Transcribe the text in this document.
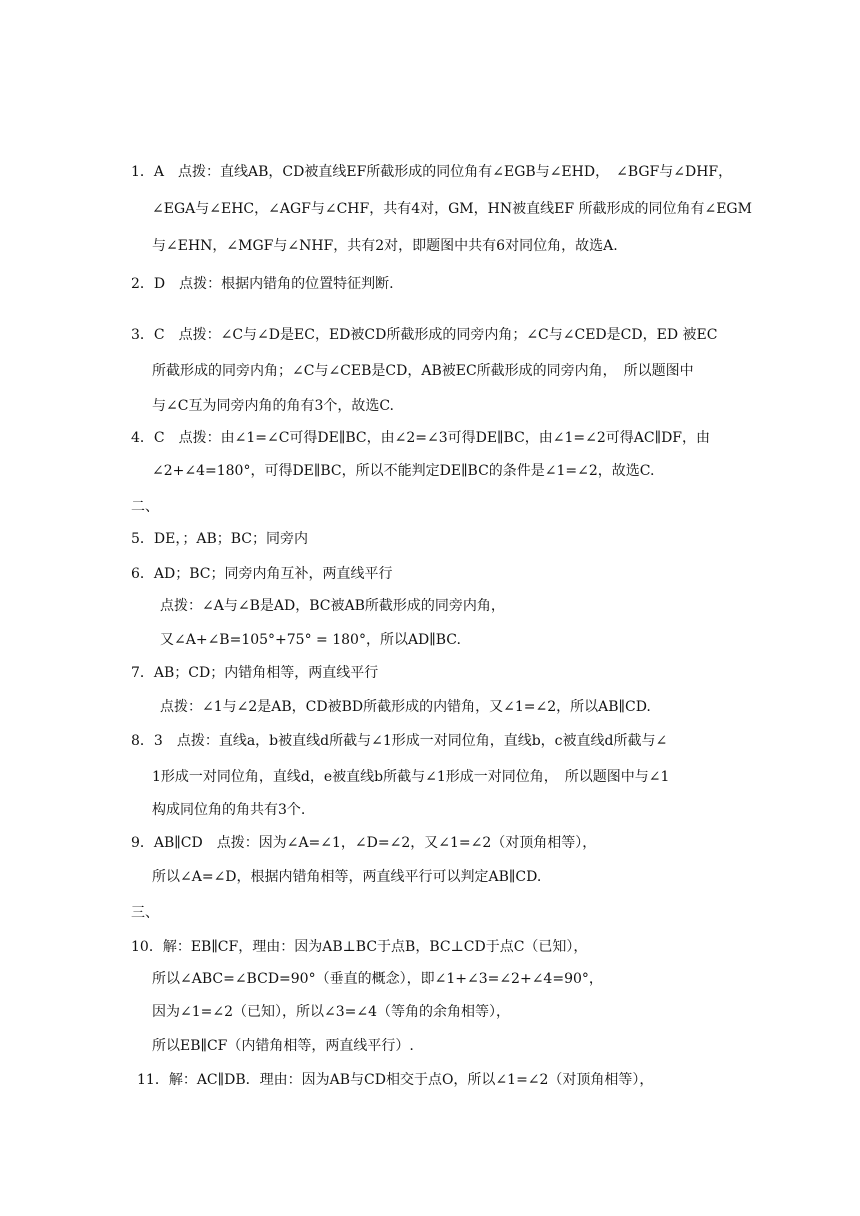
1．A　点拨：直线AB，CD被直线EF所截形成的同位角有∠EGB与∠EHD，　∠BGF与∠DHF，
∠EGA与∠EHC，∠AGF与∠CHF，共有4对，GM，HN被直线EF 所截形成的同位角有∠EGM
与∠EHN，∠MGF与∠NHF，共有2对，即题图中共有6对同位角，故选A.
2．D　点拨：根据内错角的位置特征判断.
3．C　点拨：∠C与∠D是EC，ED被CD所截形成的同旁内角；∠C与∠CED是CD，ED 被EC
所截形成的同旁内角；∠C与∠CEB是CD，AB被EC所截形成的同旁内角，　所以题图中
与∠C互为同旁内角的角有3个，故选C.
4．C　点拨：由∠1=∠C可得DE∥BC，由∠2=∠3可得DE∥BC，由∠1=∠2可得AC∥DF，由
∠2+∠4=180°，可得DE∥BC，所以不能判定DE∥BC的条件是∠1=∠2，故选C.
二、
5．DE，；AB；BC；同旁内
6．AD；BC；同旁内角互补，两直线平行
点拨：∠A与∠B是AD，BC被AB所截形成的同旁内角，
又∠A+∠B=105°+75° = 180°，所以AD∥BC.
7．AB；CD；内错角相等，两直线平行
点拨：∠1与∠2是AB，CD被BD所截形成的内错角，又∠1=∠2，所以AB∥CD.
8．3　点拨：直线a，b被直线d所截与∠1形成一对同位角，直线b，c被直线d所截与∠
1形成一对同位角，直线d，e被直线b所截与∠1形成一对同位角，　所以题图中与∠1
构成同位角的角共有3个.
9．AB∥CD　点拨：因为∠A=∠1，∠D=∠2，又∠1=∠2（对顶角相等），
所以∠A=∠D，根据内错角相等，两直线平行可以判定AB∥CD.
三、
10．解：EB∥CF，理由：因为AB⊥BC于点B，BC⊥CD于点C（已知），
所以∠ABC=∠BCD=90°（垂直的概念），即∠1+∠3=∠2+∠4=90°，
因为∠1=∠2（已知），所以∠3=∠4（等角的余角相等），
所以EB∥CF（内错角相等，两直线平行）.
11．解：AC∥DB．理由：因为AB与CD相交于点O，所以∠1=∠2（对顶角相等），
